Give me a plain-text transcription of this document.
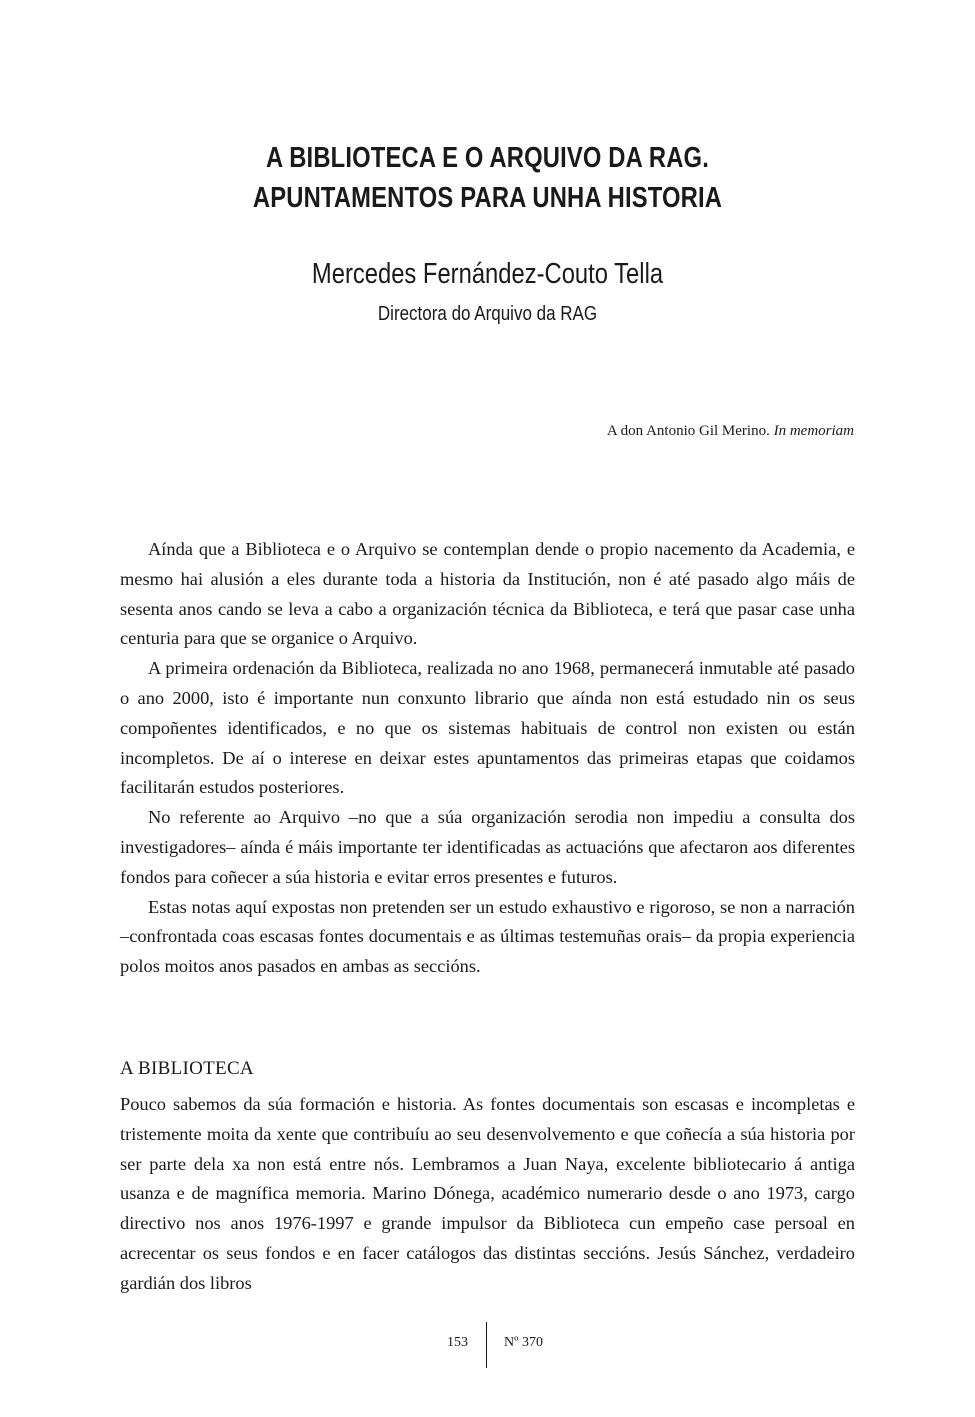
A BIBLIOTECA E O ARQUIVO DA RAG.
APUNTAMENTOS PARA UNHA HISTORIA
Mercedes Fernández-Couto Tella
Directora do Arquivo da RAG
A don Antonio Gil Merino. In memoriam

Aínda que a Biblioteca e o Arquivo se contemplan dende o propio nacemento da Academia, e mesmo hai alusión a eles durante toda a historia da Institución, non é até pasado algo máis de sesenta anos cando se leva a cabo a organización técnica da Biblioteca, e terá que pasar case unha centuria para que se organice o Arquivo.

A primeira ordenación da Biblioteca, realizada no ano 1968, permanecerá inmutable até pasado o ano 2000, isto é importante nun conxunto librario que aínda non está estudado nin os seus compoñentes identificados, e no que os sistemas habituais de control non existen ou están incompletos. De aí o interese en deixar estes apuntamentos das primeiras etapas que coidamos facilitarán estudos posteriores.

No referente ao Arquivo –no que a súa organización serodia non impediu a consulta dos investigadores– aínda é máis importante ter identificadas as actuacións que afectaron aos diferentes fondos para coñecer a súa historia e evitar erros presentes e futuros.

Estas notas aquí expostas non pretenden ser un estudo exhaustivo e rigoroso, se non a narración –confrontada coas escasas fontes documentais e as últimas testemuñas orais– da propia experiencia polos moitos anos pasados en ambas as seccións.

A BIBLIOTECA

Pouco sabemos da súa formación e historia. As fontes documentais son escasas e incompletas e tristemente moita da xente que contribuíu ao seu desenvolvemento e que coñecía a súa historia por ser parte dela xa non está entre nós. Lembramos a Juan Naya, excelente bibliotecario á antiga usanza e de magnífica memoria. Marino Dónega, académico numerario desde o ano 1973, cargo directivo nos anos 1976-1997 e grande impulsor da Biblioteca cun empeño case persoal en acrecentar os seus fondos e en facer catálogos das distintas seccións. Jesús Sánchez, verdadeiro gardián dos libros

153	Nº 370
